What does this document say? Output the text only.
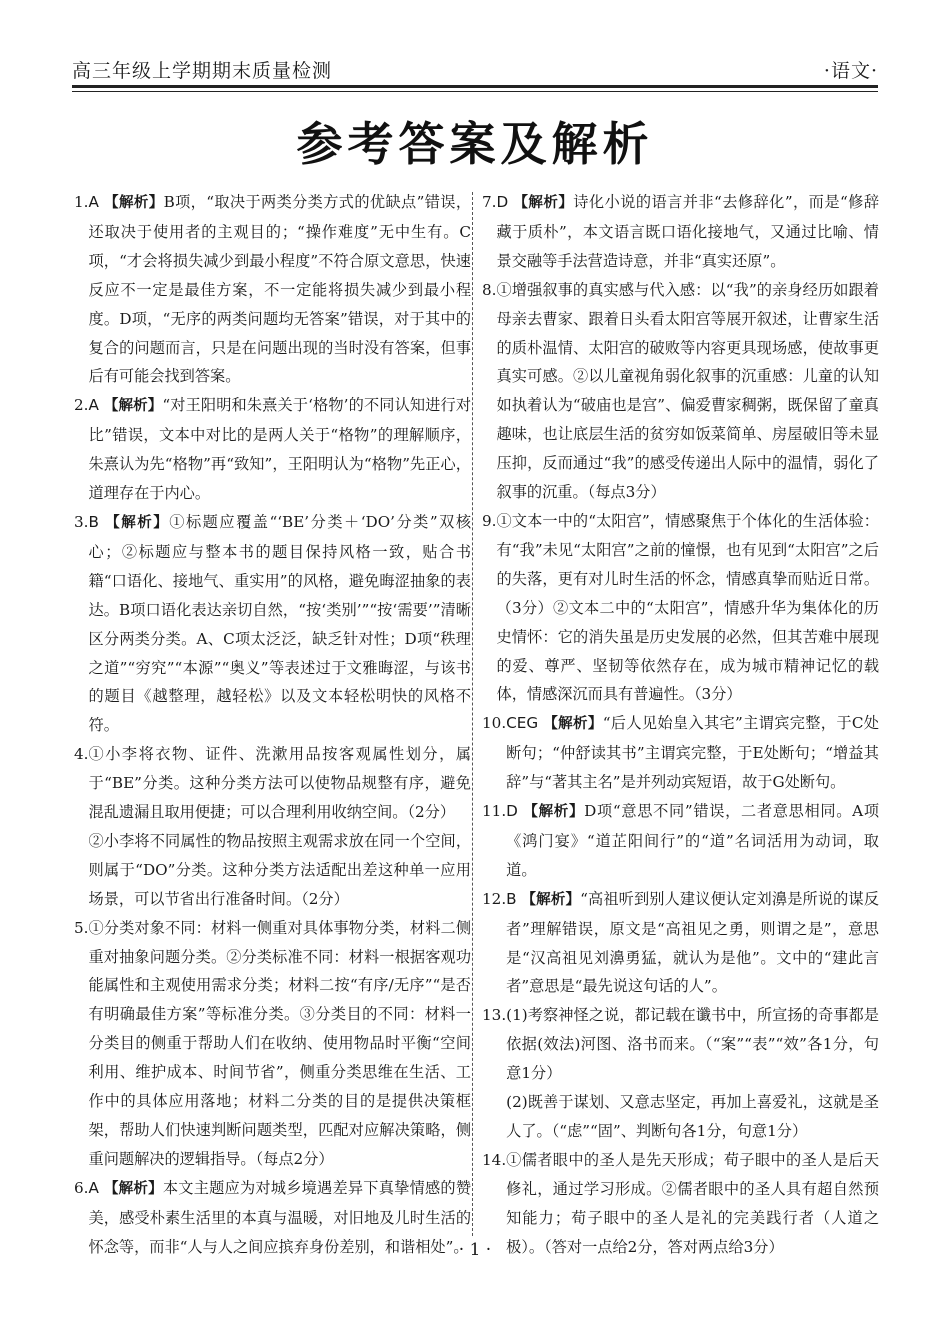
高三年级上学期期末质量检测	·语文·
参考答案及解析
1. A 【解析】B项，“取决于两类分类方式的优缺点”错误，还取决于使用者的主观目的；“操作难度”无中生有。C项，“才会将损失减少到最小程度”不符合原文意思，快速反应不一定是最佳方案，不一定能将损失减少到最小程度。D项，“无序的两类问题均无答案”错误，对于其中的复合的问题而言，只是在问题出现的当时没有答案，但事后有可能会找到答案。
2. A 【解析】“对王阳明和朱熹关于‘格物’的不同认知进行对比”错误，文本中对比的是两人关于“格物”的理解顺序，朱熹认为先“格物”再“致知”，王阳明认为“格物”先正心，道理存在于内心。
3. B 【解析】①标题应覆盖“‘BE’分类＋‘DO’分类”双核心；②标题应与整本书的题目保持风格一致，贴合书籍“口语化、接地气、重实用”的风格，避免晦涩抽象的表达。B项口语化表达亲切自然，“按‘类别’”“按‘需要’”清晰区分两类分类。A、C项太泛泛，缺乏针对性；D项“秩理之道”“穷究”“本源”“奥义”等表述过于文雅晦涩，与该书的题目《越整理，越轻松》以及文本轻松明快的风格不符。
4. ①小李将衣物、证件、洗漱用品按客观属性划分，属于“BE”分类。这种分类方法可以使物品规整有序，避免混乱遗漏且取用便捷；可以合理利用收纳空间。（2分）
②小李将不同属性的物品按照主观需求放在同一个空间，则属于“DO”分类。这种分类方法适配出差这种单一应用场景，可以节省出行准备时间。（2分）
5. ①分类对象不同：材料一侧重对具体事物分类，材料二侧重对抽象问题分类。②分类标准不同：材料一根据客观功能属性和主观使用需求分类；材料二按“有序/无序”“是否有明确最佳方案”等标准分类。③分类目的不同：材料一分类目的侧重于帮助人们在收纳、使用物品时平衡“空间利用、维护成本、时间节省”，侧重分类思维在生活、工作中的具体应用落地；材料二分类的目的是提供决策框架，帮助人们快速判断问题类型，匹配对应解决策略，侧重问题解决的逻辑指导。（每点2分）
6. A 【解析】本文主题应为对城乡境遇差异下真挚情感的赞美，感受朴素生活里的本真与温暖，对旧地及儿时生活的怀念等，而非“人与人之间应摈弃身份差别，和谐相处”。
7. D 【解析】诗化小说的语言并非“去修辞化”，而是“修辞藏于质朴”，本文语言既口语化接地气，又通过比喻、情景交融等手法营造诗意，并非“真实还原”。
8. ①增强叙事的真实感与代入感：以“我”的亲身经历如跟着母亲去曹家、跟着日头看太阳宫等展开叙述，让曹家生活的质朴温情、太阳宫的破败等内容更具现场感，使故事更真实可感。②以儿童视角弱化叙事的沉重感：儿童的认知如执着认为“破庙也是宫”、偏爱曹家稠粥，既保留了童真趣味，也让底层生活的贫穷如饭菜简单、房屋破旧等未显压抑，反而通过“我”的感受传递出人际中的温情，弱化了叙事的沉重。（每点3分）
9. ①文本一中的“太阳宫”，情感聚焦于个体化的生活体验：有“我”未见“太阳宫”之前的憧憬，也有见到“太阳宫”之后的失落，更有对儿时生活的怀念，情感真挚而贴近日常。（3分）②文本二中的“太阳宫”，情感升华为集体化的历史情怀：它的消失虽是历史发展的必然，但其苦难中展现的爱、尊严、坚韧等依然存在，成为城市精神记忆的载体，情感深沉而具有普遍性。（3分）
10. CEG 【解析】“后人见始皇入其宅”主谓宾完整，于C处断句；“仲舒读其书”主谓宾完整，于E处断句；“增益其辞”与“著其主名”是并列动宾短语，故于G处断句。
11. D 【解析】D项“意思不同”错误，二者意思相同。A项《鸿门宴》“道芷阳间行”的“道”名词活用为动词，取道。
12. B 【解析】“高祖听到别人建议便认定刘濞是所说的谋反者”理解错误，原文是“高祖见之勇，则谓之是”，意思是“汉高祖见刘濞勇猛，就认为是他”。文中的“建此言者”意思是“最先说这句话的人”。
13. (1)考察神怪之说，都记载在谶书中，所宣扬的奇事都是依据(效法)河图、洛书而来。（“案”“表”“效”各1分，句意1分）
(2)既善于谋划、又意志坚定，再加上喜爱礼，这就是圣人了。（“虑”“固”、判断句各1分，句意1分）
14. ①儒者眼中的圣人是先天形成；荀子眼中的圣人是后天修礼，通过学习形成。②儒者眼中的圣人具有超自然预知能力；荀子眼中的圣人是礼的完美践行者（人道之极）。（答对一点给2分，答对两点给3分）
· 1 ·
